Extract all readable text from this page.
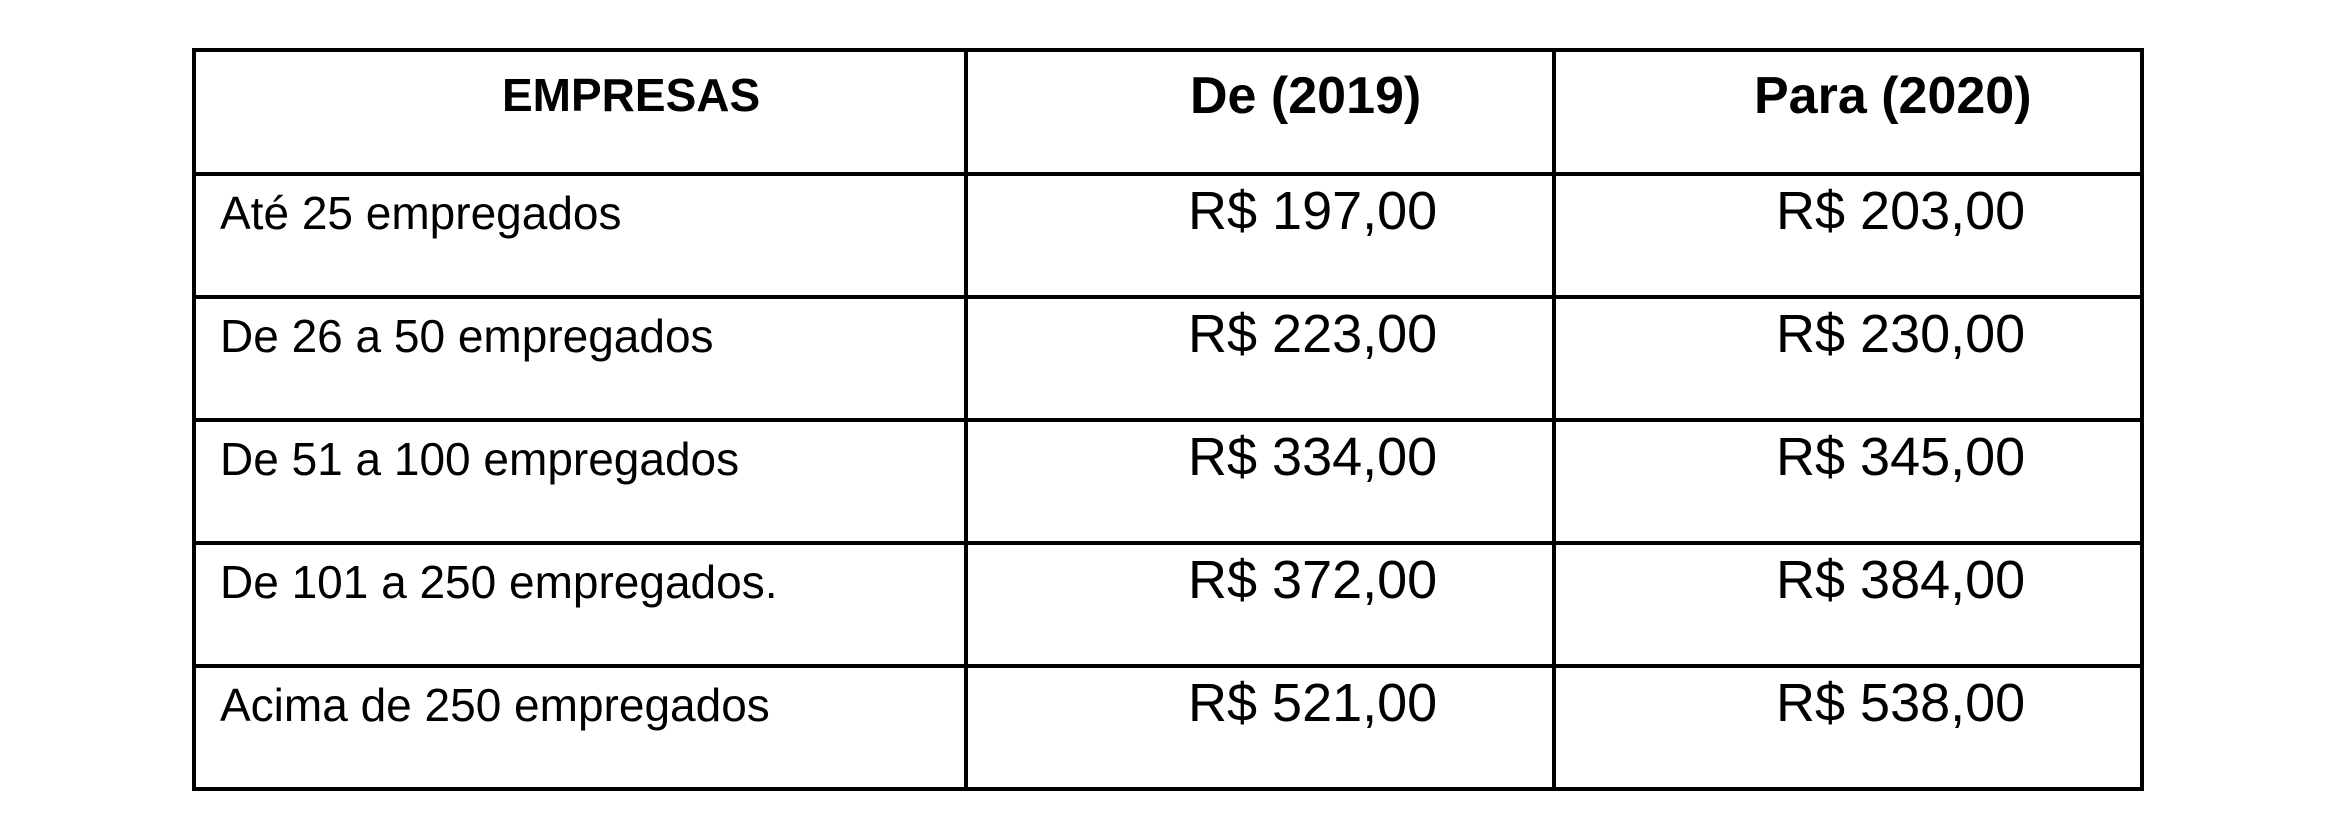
EMPRESAS	De (2019)	Para (2020)
Até 25 empregados	R$ 197,00	R$ 203,00
De 26 a 50 empregados	R$ 223,00	R$ 230,00
De 51 a 100 empregados	R$ 334,00	R$ 345,00
De 101 a 250 empregados.	R$ 372,00	R$ 384,00
Acima de 250 empregados	R$ 521,00	R$ 538,00
